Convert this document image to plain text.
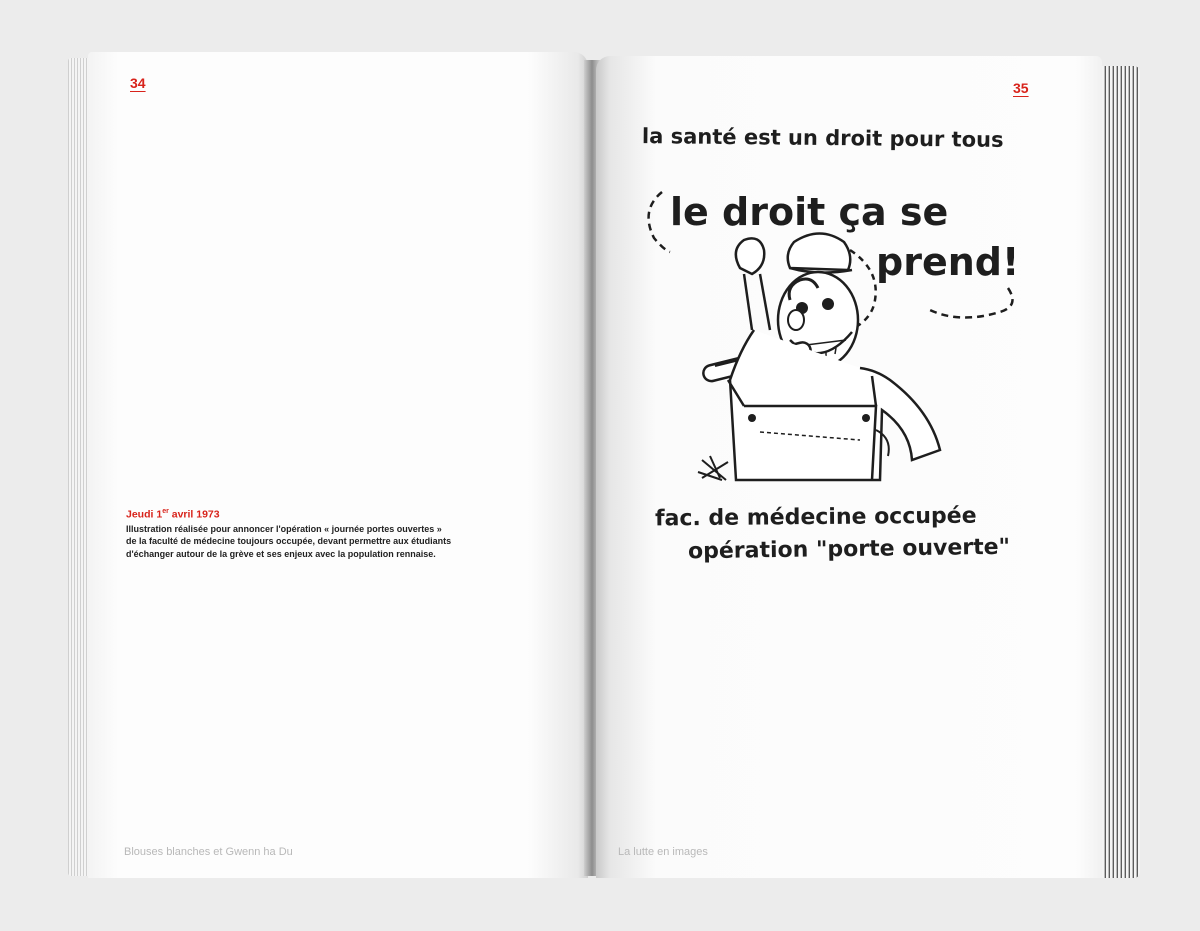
34	35

Jeudi 1er avril 1973

Illustration réalisée pour annoncer l'opération « journée portes ouvertes »
de la faculté de médecine toujours occupée, devant permettre aux étudiants
d'échanger autour de la grève et ses enjeux avec la population rennaise.

Blouses blanches et Gwenn ha Du	La lutte en images
la santé est un droit pour tous
le droit ça se
prend!
fac. de médecine occupée
opération "porte ouverte"
